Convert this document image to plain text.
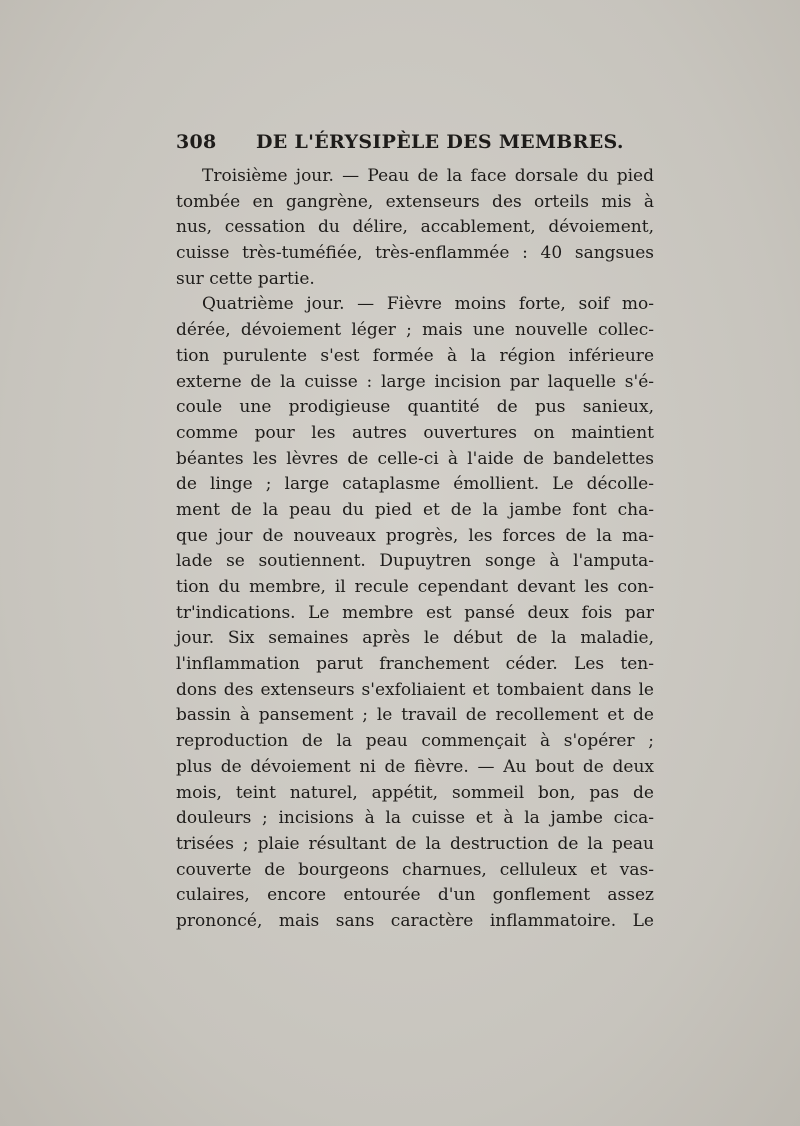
308 DE L'ÉRYSIPÈLE DES MEMBRES.
Troisième jour. — Peau de la face dorsale du pied
tombée en gangrène, extenseurs des orteils mis à
nus, cessation du délire, accablement, dévoiement,
cuisse très-tuméfiée, très-enflammée : 40 sangsues
sur cette partie.
Quatrième jour. — Fièvre moins forte, soif mo-
dérée, dévoiement léger ; mais une nouvelle collec-
tion purulente s'est formée à la région inférieure
externe de la cuisse : large incision par laquelle s'é-
coule une prodigieuse quantité de pus sanieux,
comme pour les autres ouvertures on maintient
béantes les lèvres de celle-ci à l'aide de bandelettes
de linge ; large cataplasme émollient. Le décolle-
ment de la peau du pied et de la jambe font cha-
que jour de nouveaux progrès, les forces de la ma-
lade se soutiennent. Dupuytren songe à l'amputa-
tion du membre, il recule cependant devant les con-
tr'indications. Le membre est pansé deux fois par
jour. Six semaines après le début de la maladie,
l'inflammation parut franchement céder. Les ten-
dons des extenseurs s'exfoliaient et tombaient dans le
bassin à pansement ; le travail de recollement et de
reproduction de la peau commençait à s'opérer ;
plus de dévoiement ni de fièvre. — Au bout de deux
mois, teint naturel, appétit, sommeil bon, pas de
douleurs ; incisions à la cuisse et à la jambe cica-
trisées ; plaie résultant de la destruction de la peau
couverte de bourgeons charnues, celluleux et vas-
culaires, encore entourée d'un gonflement assez
prononcé, mais sans caractère inflammatoire. Le
